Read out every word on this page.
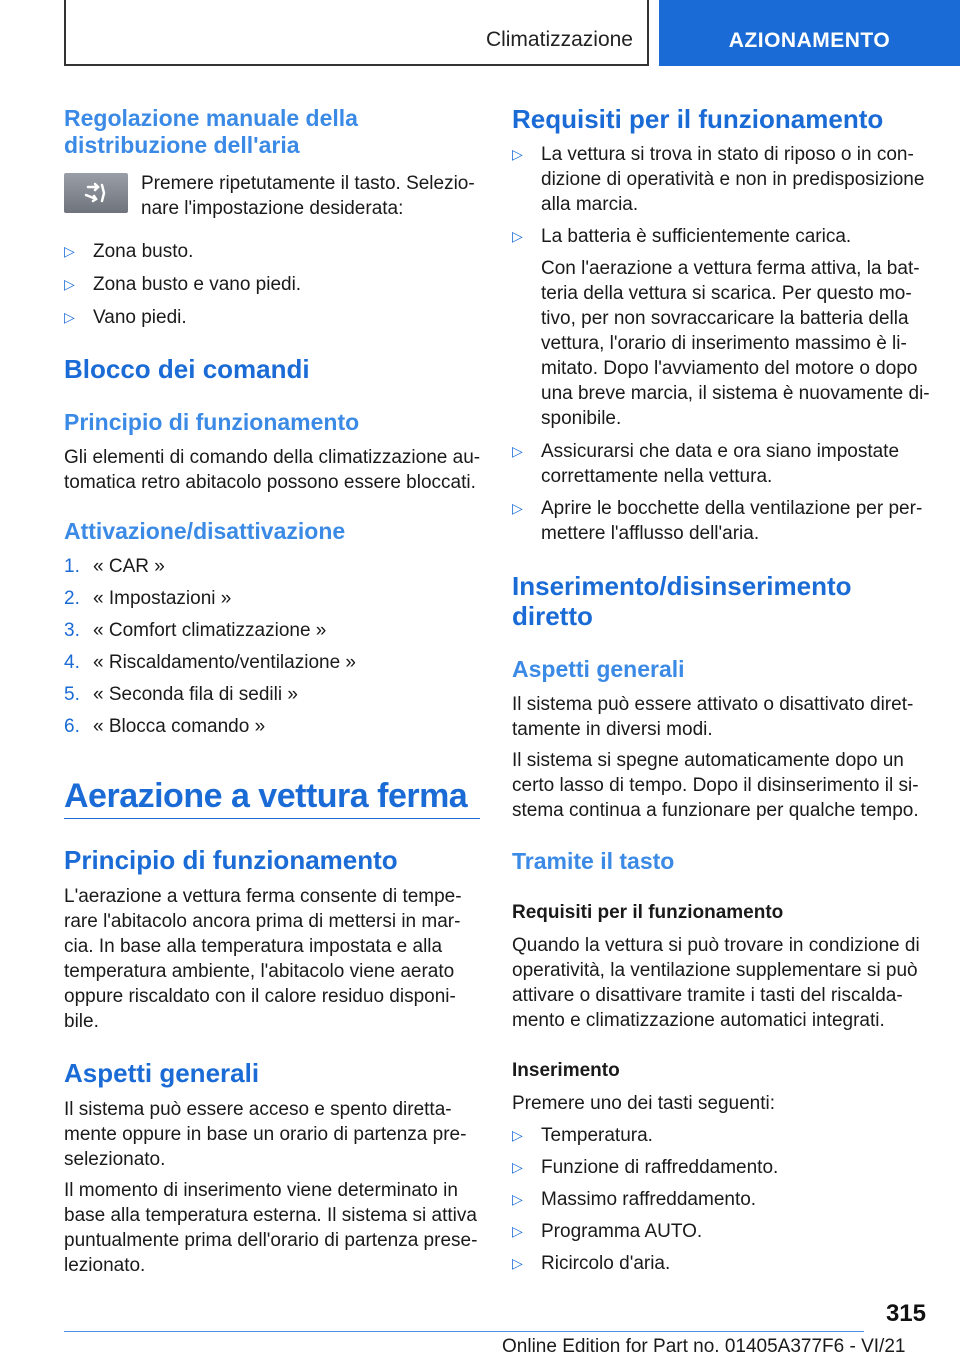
Climatizzazione	AZIONAMENTO
Regolazione manuale della
distribuzione dell'aria
Premere ripetutamente il tasto. Selezio-
nare l'impostazione desiderata:
▷ Zona busto.
▷ Zona busto e vano piedi.
▷ Vano piedi.
Blocco dei comandi
Principio di funzionamento
Gli elementi di comando della climatizzazione au-
tomatica retro abitacolo possono essere bloccati.
Attivazione/disattivazione
1. « CAR »
2. « Impostazioni »
3. « Comfort climatizzazione »
4. « Riscaldamento/ventilazione »
5. « Seconda fila di sedili »
6. « Blocca comando »
Aerazione a vettura ferma
Principio di funzionamento
L'aerazione a vettura ferma consente di tempe-
rare l'abitacolo ancora prima di mettersi in mar-
cia. In base alla temperatura impostata e alla
temperatura ambiente, l'abitacolo viene aerato
oppure riscaldato con il calore residuo disponi-
bile.
Aspetti generali
Il sistema può essere acceso e spento diretta-
mente oppure in base un orario di partenza pre-
selezionato.
Il momento di inserimento viene determinato in
base alla temperatura esterna. Il sistema si attiva
puntualmente prima dell'orario di partenza prese-
lezionato.
Requisiti per il funzionamento
▷ La vettura si trova in stato di riposo o in con-
dizione di operatività e non in predisposizione
alla marcia.
▷ La batteria è sufficientemente carica.
Con l'aerazione a vettura ferma attiva, la bat-
teria della vettura si scarica. Per questo mo-
tivo, per non sovraccaricare la batteria della
vettura, l'orario di inserimento massimo è li-
mitato. Dopo l'avviamento del motore o dopo
una breve marcia, il sistema è nuovamente di-
sponibile.
▷ Assicurarsi che data e ora siano impostate
correttamente nella vettura.
▷ Aprire le bocchette della ventilazione per per-
mettere l'afflusso dell'aria.
Inserimento/disinserimento
diretto
Aspetti generali
Il sistema può essere attivato o disattivato diret-
tamente in diversi modi.
Il sistema si spegne automaticamente dopo un
certo lasso di tempo. Dopo il disinserimento il si-
stema continua a funzionare per qualche tempo.
Tramite il tasto
Requisiti per il funzionamento
Quando la vettura si può trovare in condizione di
operatività, la ventilazione supplementare si può
attivare o disattivare tramite i tasti del riscalda-
mento e climatizzazione automatici integrati.
Inserimento
Premere uno dei tasti seguenti:
▷ Temperatura.
▷ Funzione di raffreddamento.
▷ Massimo raffreddamento.
▷ Programma AUTO.
▷ Ricircolo d'aria.
315
Online Edition for Part no. 01405A377F6 - VI/21
